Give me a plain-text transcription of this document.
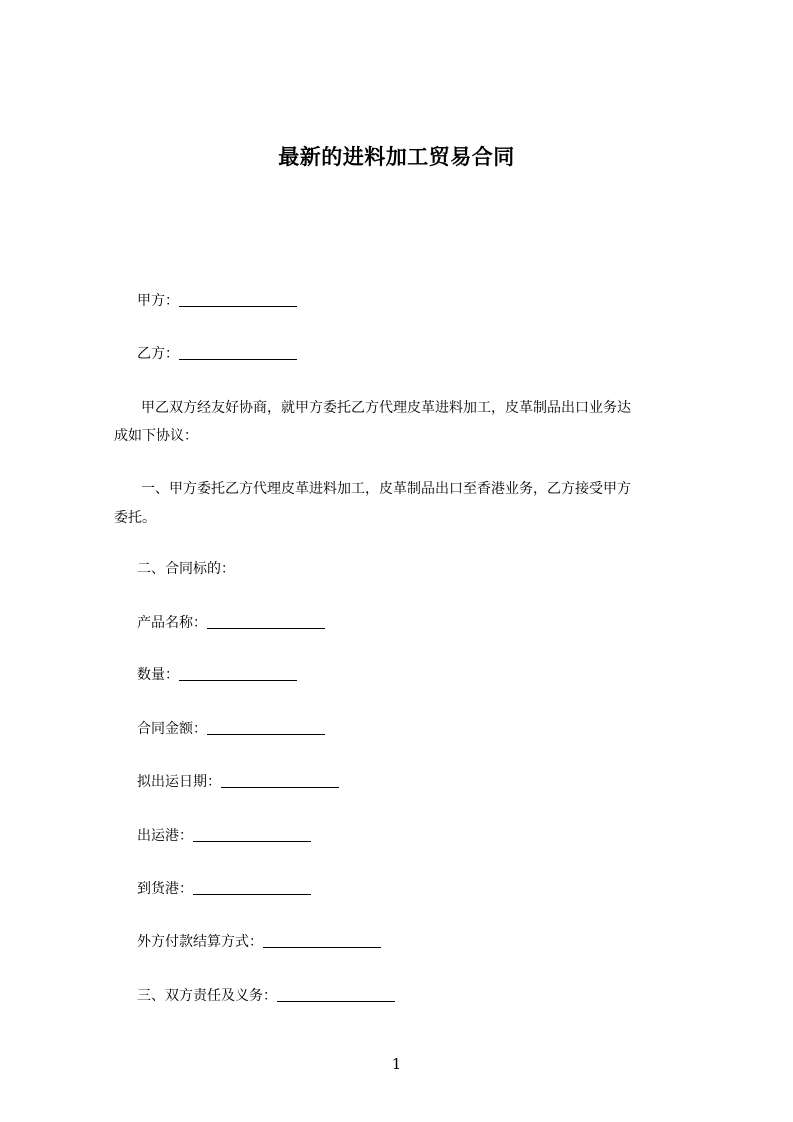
最新的进料加工贸易合同
甲方：
乙方：
甲乙双方经友好协商，就甲方委托乙方代理皮革进料加工，皮革制品出口业务达
成如下协议：
一、甲方委托乙方代理皮革进料加工，皮革制品出口至香港业务，乙方接受甲方
委托。
二、合同标的：
产品名称：
数量：
合同金额：
拟出运日期：
出运港：
到货港：
外方付款结算方式：
三、双方责任及义务：
1
